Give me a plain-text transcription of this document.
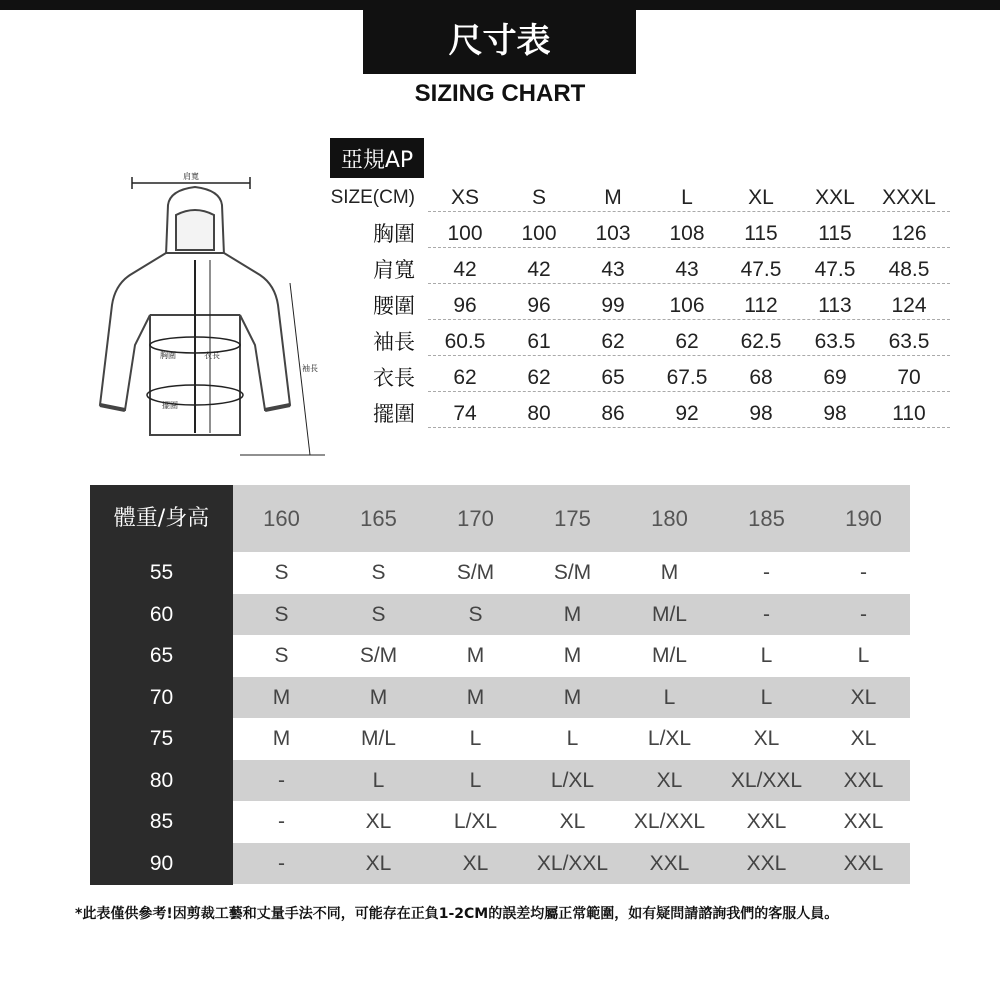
尺寸表
SIZING CHART
亞規AP
肩寬
衣長
袖長
胸圍
擺圍
SIZE(CM)	XS	S	M	L	XL	XXL	XXXL
胸圍	100	100	103	108	115	115	126
肩寬	42	42	43	43	47.5	47.5	48.5
腰圍	96	96	99	106	112	113	124
袖長	60.5	61	62	62	62.5	63.5	63.5
衣長	62	62	65	67.5	68	69	70
擺圍	74	80	86	92	98	98	110
體重/身高	160	165	170	175	180	185	190
55	S	S	S/M	S/M	M	-	-
60	S	S	S	M	M/L	-	-
65	S	S/M	M	M	M/L	L	L
70	M	M	M	M	L	L	XL
75	M	M/L	L	L	L/XL	XL	XL
80	-	L	L	L/XL	XL	XL/XXL	XXL
85	-	XL	L/XL	XL	XL/XXL	XXL	XXL
90	-	XL	XL	XL/XXL	XXL	XXL	XXL
*此表僅供參考!因剪裁工藝和丈量手法不同，可能存在正負1-2CM的誤差均屬正常範圍，如有疑問請諮詢我們的客服人員。
